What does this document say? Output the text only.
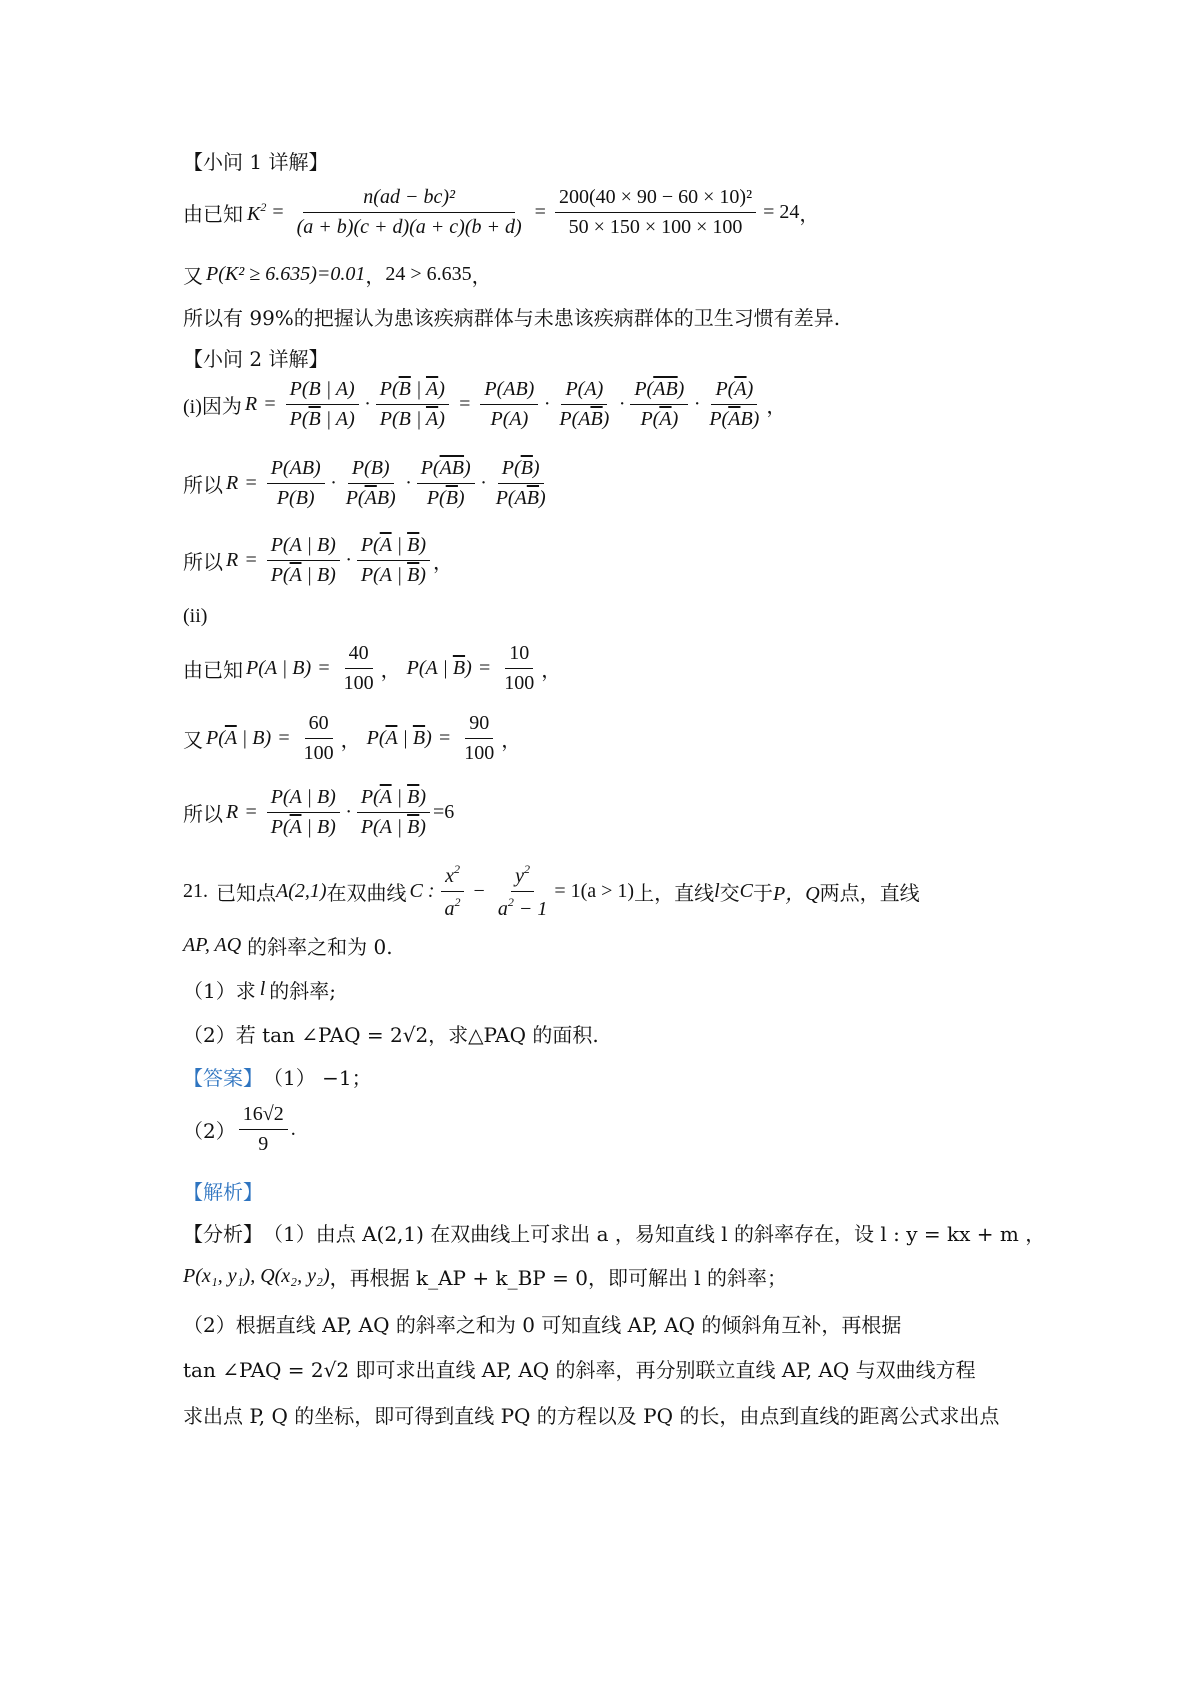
【小问 1 详解】
由已知 $K^2 = \frac{\text{n(ad − bc)²}}{(a + b)(c + d)(a + c)(b + d)} = \frac{\text{200(40 × 90 − 60 × 10)²}}{50 \times 150 \times 100 \times 100} = 24$ ，
又 P(K² ≥ 6.635)=0.01 ， 24 > 6.635 ，
所以有 99%的把握认为患该疾病群体与未患该疾病群体的卫生习惯有差异.
【小问 2 详解】
(i)因为 $R = \frac{P(B | A)}{P(\overline{B} | A)} \cdot \frac{P(\overline{B} | \overline{A})}{P(B | \overline{A})} = \frac{P(AB)}{P(A)} \cdot \frac{P(A)}{P(A\overline{B})} \cdot \frac{P(\overline{AB})}{P(\overline{A})} \cdot \frac{P(\overline{A})}{P(\overline{A}B)}$ ，
所以 $R = \frac{P(AB)}{P(B)} \cdot \frac{P(B)}{P(\overline{A}B)} \cdot \frac{P(\overline{AB})}{P(\overline{B})} \cdot \frac{P(\overline{B})}{P(A\overline{B})}$
所以 $R = \frac{P(A | B)}{P(\overline{A} | B)} \cdot \frac{P(\overline{A} | \overline{B})}{P(A | \overline{B})}$ ，
(ii)
由已知 P(A | $B) = \frac{40}{100}$ ， P(A | $\overline{B}) = \frac{10}{100}$ ，
又 $P(\overline{A}$ | $B) = \frac{60}{100}$ ， $P(\overline{A}$ | $\overline{B}) = \frac{90}{100}$ ，
所以 $R = \frac{P(A | B)}{P(\overline{A} | B)} \cdot \frac{P(\overline{A} | \overline{B})}{P(A | \overline{B})} =6$
21. 已知点 A(2,1) 在双曲线 C : $\frac{x^2}{a^2} - \frac{y^2}{a^2 - 1} = 1(a > 1)$ 上，直线 l 交 C 于 P，Q 两点，直线
AP, AQ 的斜率之和为 0.
（1）求 l 的斜率;
（2）若 tan ∠PAQ = 2√2 ，求△PAQ 的面积.
【答案】 （1） −1；
$(2) \frac{16√2}{9}$ .
【解析】
【分析】 （1）由点 A(2,1) 在双曲线上可求出 a ，易知直线 l 的斜率存在，设 l : y = kx + m ，
P(x₁, y₁), Q(x₂, y₂) ，再根据 k_AP + k_BP = 0，即可解出 l 的斜率；
（2）根据直线 AP, AQ 的斜率之和为 0 可知直线 AP, AQ 的倾斜角互补，再根据
tan ∠PAQ = 2√2 即可求出直线 AP, AQ 的斜率，再分别联立直线 AP, AQ 与双曲线方程
求出点 P, Q 的坐标，即可得到直线 PQ 的方程以及 PQ 的长，由点到直线的距离公式求出点
